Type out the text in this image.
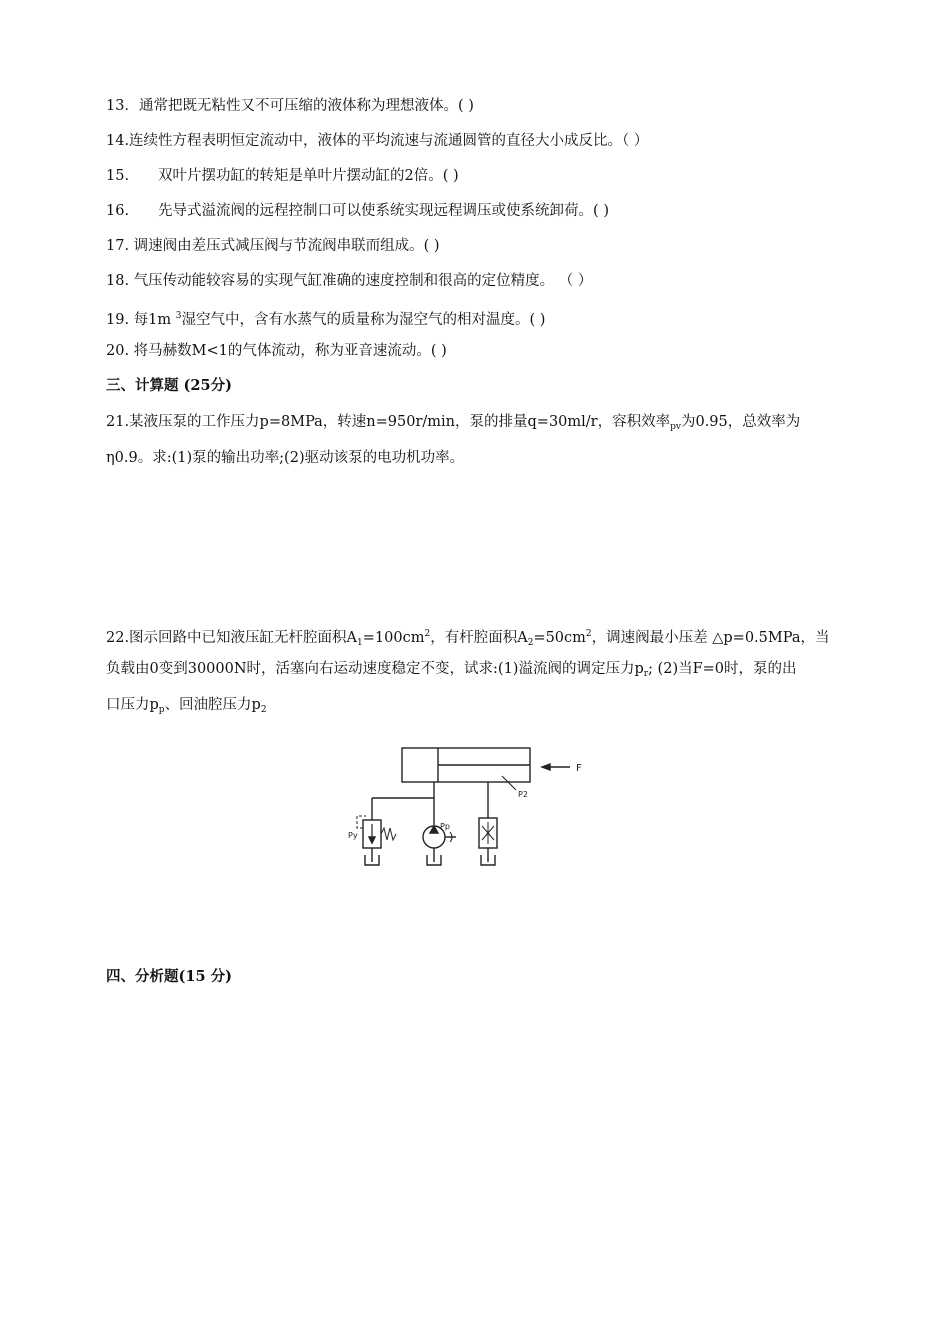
13．通常把既无粘性又不可压缩的液体称为理想液体。( )
14.连续性方程表明恒定流动中，液体的平均流速与流通圆管的直径大小成反比。（ ）
15.　　双叶片摆功缸的转矩是单叶片摆动缸的2倍。( )
16.　　先导式溢流阀的远程控制口可以使系统实现远程调压或使系统卸荷。( )
17. 调速阀由差压式减压阀与节流阀串联而组成。( )
18. 气压传动能较容易的实现气缸准确的速度控制和很高的定位精度。 （ ）
19. 每1m $^3$湿空气中，含有水蒸气的质量称为湿空气的相对温度。( )
20. 将马赫数M<1的气体流动，称为亚音速流动。( )
三、计算题 (25分)
21.某液压泵的工作压力p=8MPa，转速n=950r/min，泵的排量q=30ml/r，容积效率$_{pv}$为0.95，总效率为
η0.9。求:(1)泵的输出功率;(2)驱动该泵的电功机功率。
22.图示回路中已知液压缸无杆腔面积$A_1=100cm^2$，有杆腔面积$A_2=50cm^2$，调速阀最小压差 △p=0.5MPa，当
负载由0变到30000N时，活塞向右运动速度稳定不变，试求:(1)溢流阀的调定压力$p_r$; (2)当F=0时，泵的出
口压力$p_p$、回油腔压力$p_2$
F
P2
Py
Pp
四、分析题(15 分)
